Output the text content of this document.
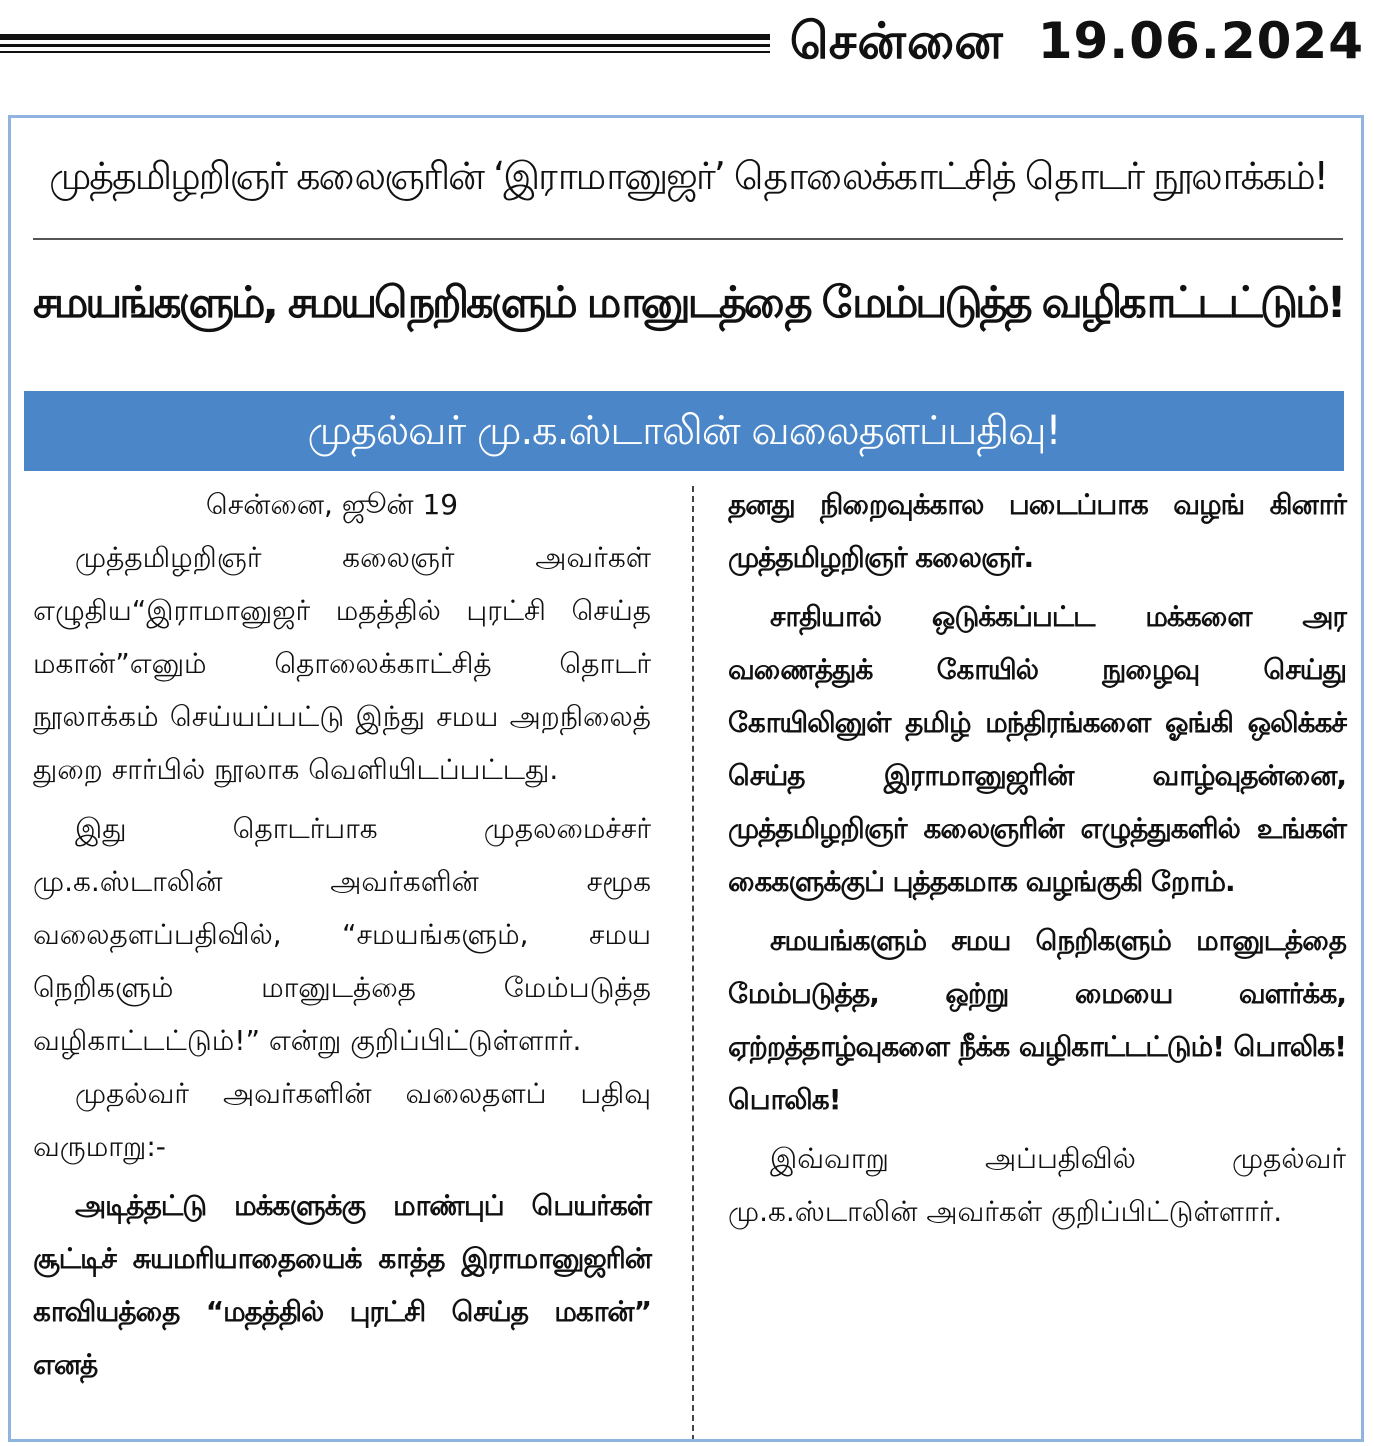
சென்னை 19.06.2024
முத்தமிழறிஞர் கலைஞரின் ‘இராமானுஜர்’ தொலைக்காட்சித் தொடர் நூலாக்கம்!
சமயங்களும், சமயநெறிகளும் மானுடத்தை மேம்படுத்த வழிகாட்டட்டும்!
முதல்வர் மு.க.ஸ்டாலின் வலைதளப்பதிவு!

சென்னை, ஜூன் 19

முத்தமிழறிஞர் கலைஞர் அவர்கள் எழுதிய“இராமானுஜர் மதத்தில் புரட்சி செய்த மகான்”எனும் தொலைக்காட்சித் தொடர் நூலாக்கம் செய்யப்பட்டு இந்து சமய அறநிலைத் துறை சார்பில் நூலாக வெளியிடப்பட்டது.

இது தொடர்பாக முதலமைச்சர் மு.க.ஸ்டாலின் அவர்களின் சமூக வலைதளப்பதிவில், “சமயங்களும், சமய நெறிகளும் மானுடத்தை மேம்படுத்த வழிகாட்டட்டும்!” என்று குறிப்பிட்டுள்ளார்.

முதல்வர் அவர்களின் வலைதளப் பதிவு வருமாறு:-

அடித்தட்டு மக்களுக்கு மாண்புப் பெயர்கள் சூட்டிச் சுயமரியாதையைக் காத்த இராமானுஜரின் காவியத்தை “மதத்தில் புரட்சி செய்த மகான்” எனத்

தனது நிறைவுக்கால படைப்பாக வழங் கினார் முத்தமிழறிஞர் கலைஞர்.

சாதியால் ஒடுக்கப்பட்ட மக்களை அர வணைத்துக் கோயில் நுழைவு செய்து கோயிலினுள் தமிழ் மந்திரங்களை ஓங்கி ஒலிக்கச் செய்த இராமானுஜரின் வாழ்வுதன்னை, முத்தமிழறிஞர் கலைஞரின் எழுத்துகளில் உங்கள் கைகளுக்குப் புத்தகமாக வழங்குகி றோம்.

சமயங்களும் சமய நெறிகளும் மானுடத்தை மேம்படுத்த, ஒற்று மையை வளர்க்க, ஏற்றத்தாழ்வுகளை நீக்க வழிகாட்டட்டும்! பொலிக! பொலிக!

இவ்வாறு அப்பதிவில் முதல்வர் மு.க.ஸ்டாலின் அவர்கள் குறிப்பிட்டுள்ளார்.
